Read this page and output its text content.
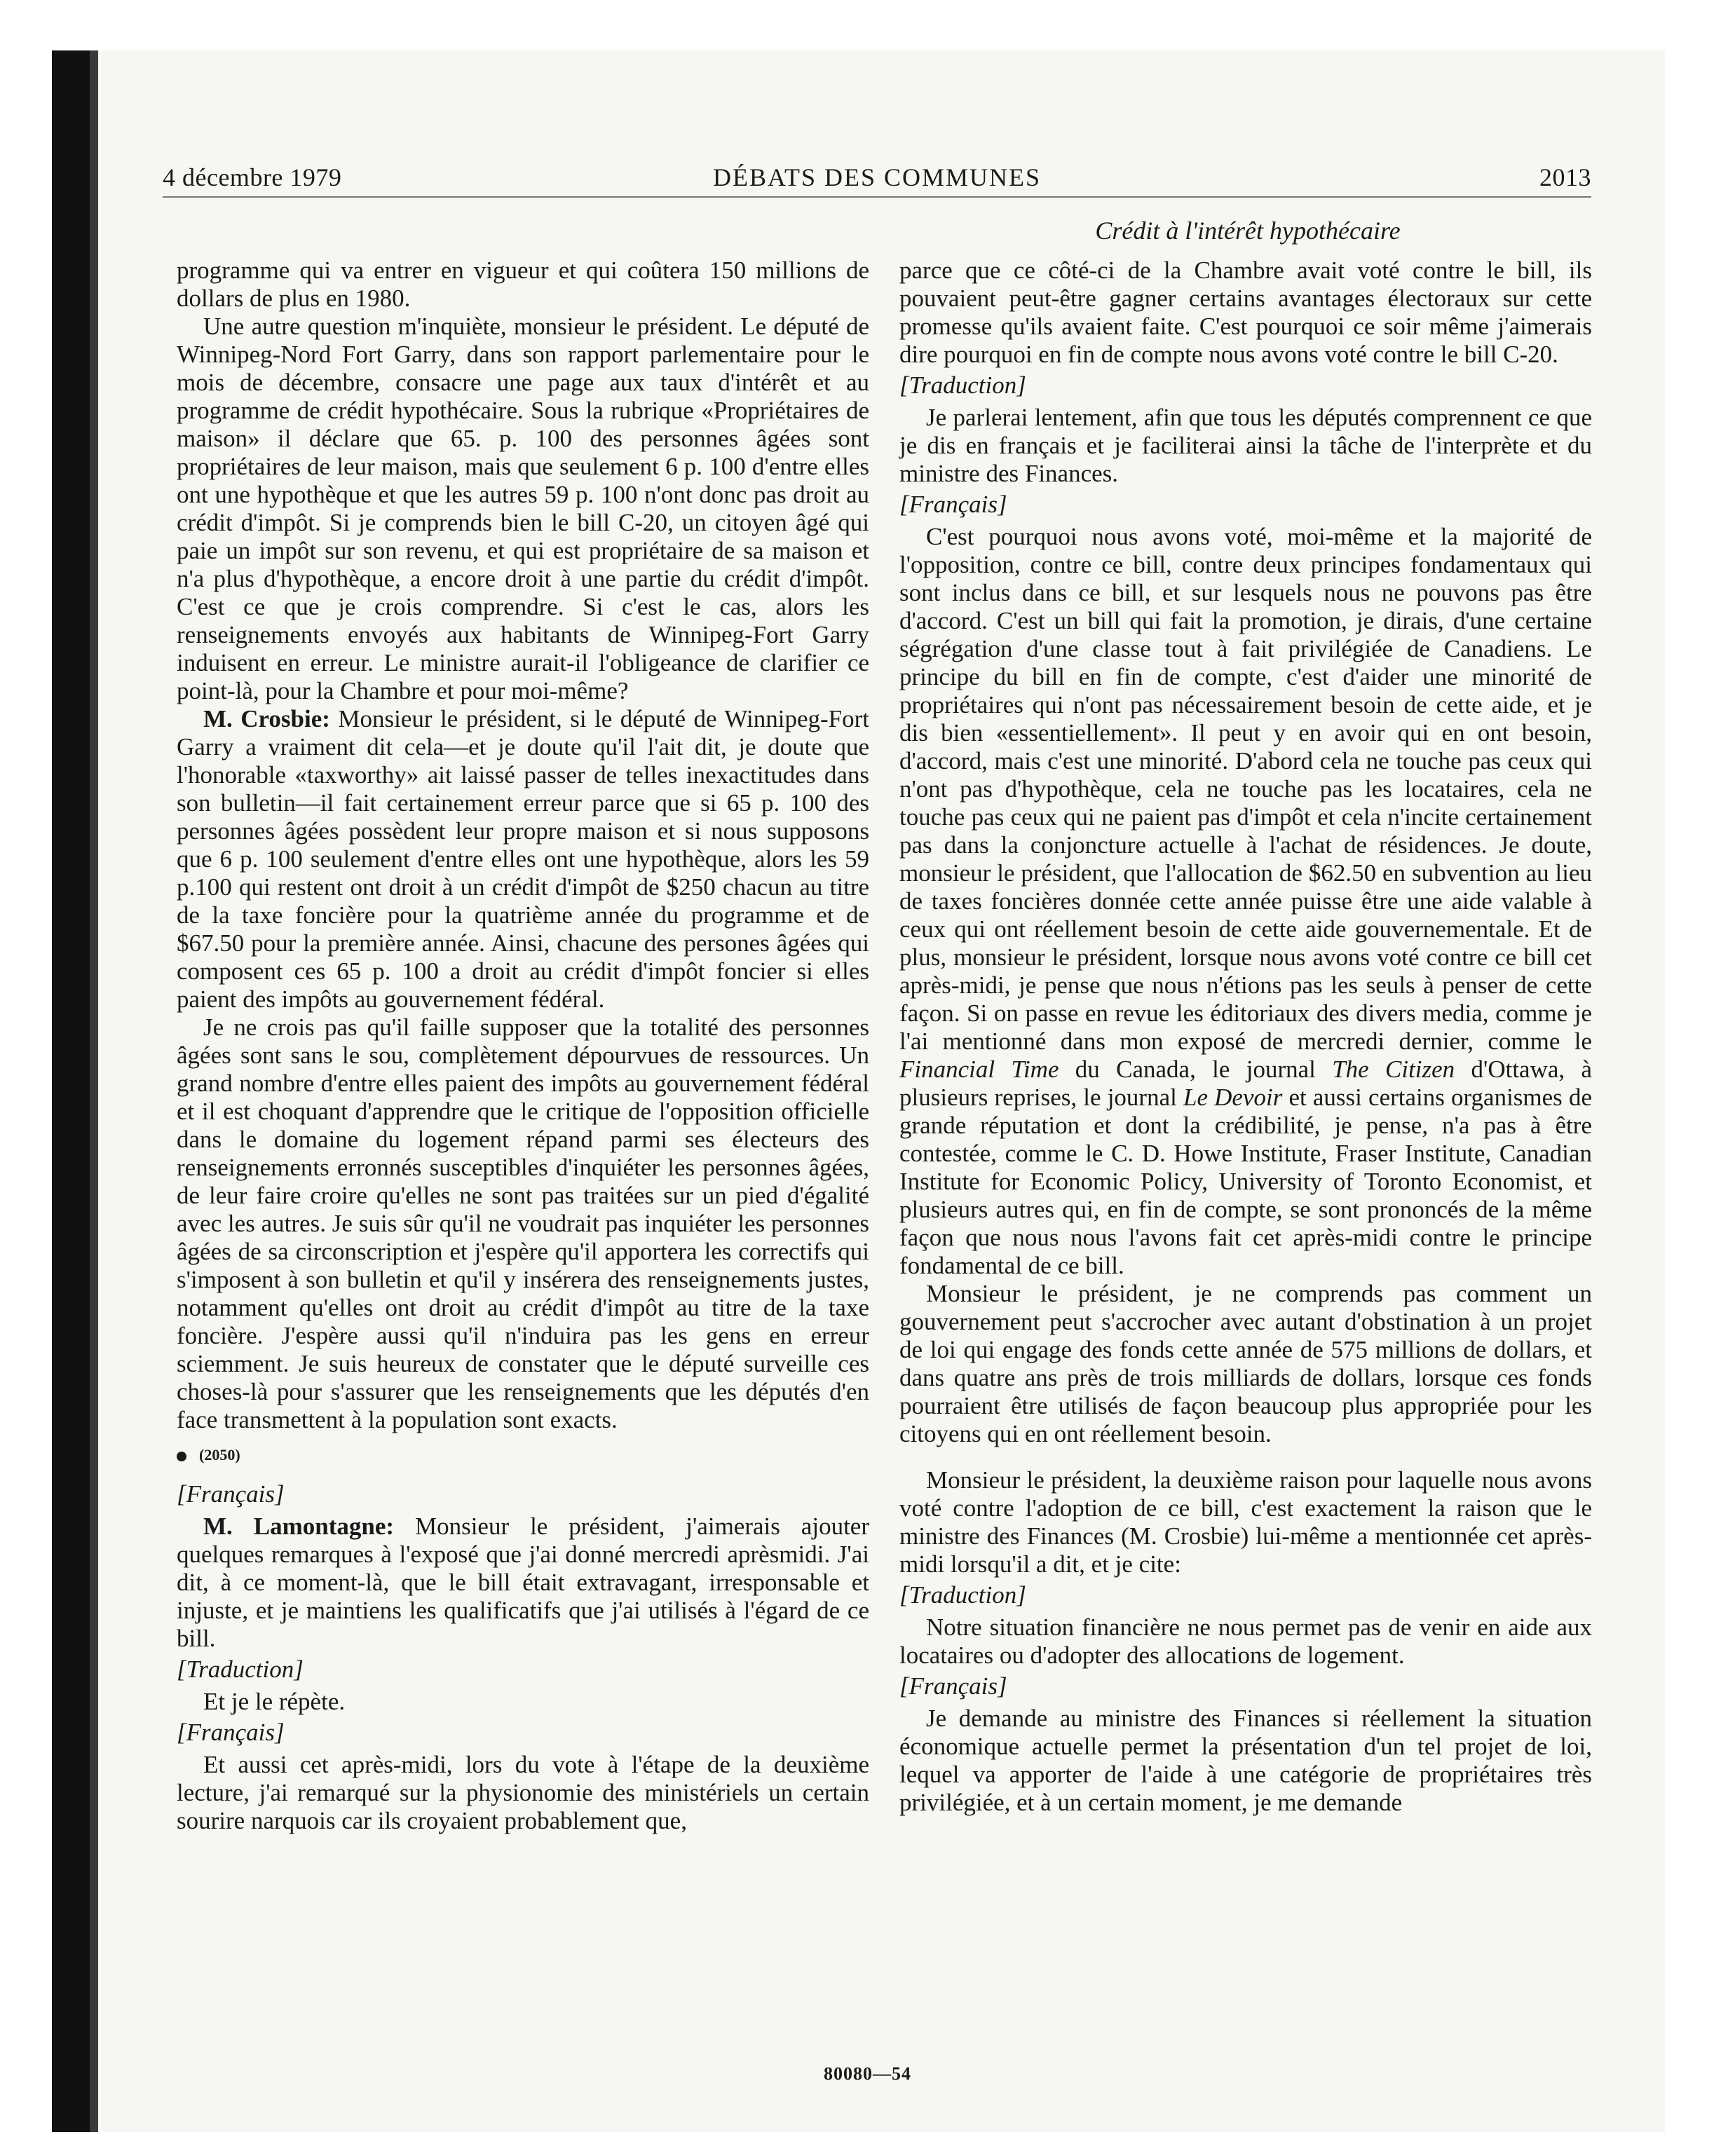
4 décembre 1979	DÉBATS DES COMMUNES	2013
Crédit à l'intérêt hypothécaire

programme qui va entrer en vigueur et qui coûtera 150 millions de dollars de plus en 1980.

Une autre question m'inquiète, monsieur le président. Le député de Winnipeg-Nord Fort Garry, dans son rapport parlementaire pour le mois de décembre, consacre une page aux taux d'intérêt et au programme de crédit hypothécaire. Sous la rubrique «Propriétaires de maison» il déclare que 65. p. 100 des personnes âgées sont propriétaires de leur maison, mais que seulement 6 p. 100 d'entre elles ont une hypothèque et que les autres 59 p. 100 n'ont donc pas droit au crédit d'impôt. Si je comprends bien le bill C-20, un citoyen âgé qui paie un impôt sur son revenu, et qui est propriétaire de sa maison et n'a plus d'hypothèque, a encore droit à une partie du crédit d'impôt. C'est ce que je crois comprendre. Si c'est le cas, alors les renseignements envoyés aux habitants de Winnipeg-Fort Garry induisent en erreur. Le ministre aurait-il l'obligeance de clarifier ce point-là, pour la Chambre et pour moi-même?

M. Crosbie: Monsieur le président, si le député de Winnipeg-Fort Garry a vraiment dit cela—et je doute qu'il l'ait dit, je doute que l'honorable «taxworthy» ait laissé passer de telles inexactitudes dans son bulletin—il fait certainement erreur parce que si 65 p. 100 des personnes âgées possèdent leur propre maison et si nous supposons que 6 p. 100 seulement d'entre elles ont une hypothèque, alors les 59 p.100 qui restent ont droit à un crédit d'impôt de $250 chacun au titre de la taxe foncière pour la quatrième année du programme et de $67.50 pour la première année. Ainsi, chacune des persones âgées qui composent ces 65 p. 100 a droit au crédit d'impôt foncier si elles paient des impôts au gouvernement fédéral.

Je ne crois pas qu'il faille supposer que la totalité des personnes âgées sont sans le sou, complètement dépourvues de ressources. Un grand nombre d'entre elles paient des impôts au gouvernement fédéral et il est choquant d'apprendre que le critique de l'opposition officielle dans le domaine du logement répand parmi ses électeurs des renseignements erronnés susceptibles d'inquiéter les personnes âgées, de leur faire croire qu'elles ne sont pas traitées sur un pied d'égalité avec les autres. Je suis sûr qu'il ne voudrait pas inquiéter les personnes âgées de sa circonscription et j'espère qu'il apportera les correctifs qui s'imposent à son bulletin et qu'il y insérera des renseignements justes, notamment qu'elles ont droit au crédit d'impôt au titre de la taxe foncière. J'espère aussi qu'il n'induira pas les gens en erreur sciemment. Je suis heureux de constater que le député surveille ces choses-là pour s'assurer que les renseignements que les députés d'en face transmettent à la population sont exacts.

(2050)

[Français]

M. Lamontagne: Monsieur le président, j'aimerais ajouter quelques remarques à l'exposé que j'ai donné mercredi aprèsmidi. J'ai dit, à ce moment-là, que le bill était extravagant, irresponsable et injuste, et je maintiens les qualificatifs que j'ai utilisés à l'égard de ce bill.

[Traduction]

Et je le répète.

[Français]

Et aussi cet après-midi, lors du vote à l'étape de la deuxième lecture, j'ai remarqué sur la physionomie des ministériels un certain sourire narquois car ils croyaient probablement que,

parce que ce côté-ci de la Chambre avait voté contre le bill, ils pouvaient peut-être gagner certains avantages électoraux sur cette promesse qu'ils avaient faite. C'est pourquoi ce soir même j'aimerais dire pourquoi en fin de compte nous avons voté contre le bill C-20.

[Traduction]

Je parlerai lentement, afin que tous les députés comprennent ce que je dis en français et je faciliterai ainsi la tâche de l'interprète et du ministre des Finances.

[Français]

C'est pourquoi nous avons voté, moi-même et la majorité de l'opposition, contre ce bill, contre deux principes fondamentaux qui sont inclus dans ce bill, et sur lesquels nous ne pouvons pas être d'accord. C'est un bill qui fait la promotion, je dirais, d'une certaine ségrégation d'une classe tout à fait privilégiée de Canadiens. Le principe du bill en fin de compte, c'est d'aider une minorité de propriétaires qui n'ont pas nécessairement besoin de cette aide, et je dis bien «essentiellement». Il peut y en avoir qui en ont besoin, d'accord, mais c'est une minorité. D'abord cela ne touche pas ceux qui n'ont pas d'hypothèque, cela ne touche pas les locataires, cela ne touche pas ceux qui ne paient pas d'impôt et cela n'incite certainement pas dans la conjoncture actuelle à l'achat de résidences. Je doute, monsieur le président, que l'allocation de $62.50 en subvention au lieu de taxes foncières donnée cette année puisse être une aide valable à ceux qui ont réellement besoin de cette aide gouvernementale. Et de plus, monsieur le président, lorsque nous avons voté contre ce bill cet après-midi, je pense que nous n'étions pas les seuls à penser de cette façon. Si on passe en revue les éditoriaux des divers media, comme je l'ai mentionné dans mon exposé de mercredi dernier, comme le Financial Time du Canada, le journal The Citizen d'Ottawa, à plusieurs reprises, le journal Le Devoir et aussi certains organismes de grande réputation et dont la crédibilité, je pense, n'a pas à être contestée, comme le C. D. Howe Institute, Fraser Institute, Canadian Institute for Economic Policy, University of Toronto Economist, et plusieurs autres qui, en fin de compte, se sont prononcés de la même façon que nous nous l'avons fait cet après-midi contre le principe fondamental de ce bill.

Monsieur le président, je ne comprends pas comment un gouvernement peut s'accrocher avec autant d'obstination à un projet de loi qui engage des fonds cette année de 575 millions de dollars, et dans quatre ans près de trois milliards de dollars, lorsque ces fonds pourraient être utilisés de façon beaucoup plus appropriée pour les citoyens qui en ont réellement besoin.

Monsieur le président, la deuxième raison pour laquelle nous avons voté contre l'adoption de ce bill, c'est exactement la raison que le ministre des Finances (M. Crosbie) lui-même a mentionnée cet après-midi lorsqu'il a dit, et je cite:

[Traduction]

Notre situation financière ne nous permet pas de venir en aide aux locataires ou d'adopter des allocations de logement.

[Français]

Je demande au ministre des Finances si réellement la situation économique actuelle permet la présentation d'un tel projet de loi, lequel va apporter de l'aide à une catégorie de propriétaires très privilégiée, et à un certain moment, je me demande

80080—54
